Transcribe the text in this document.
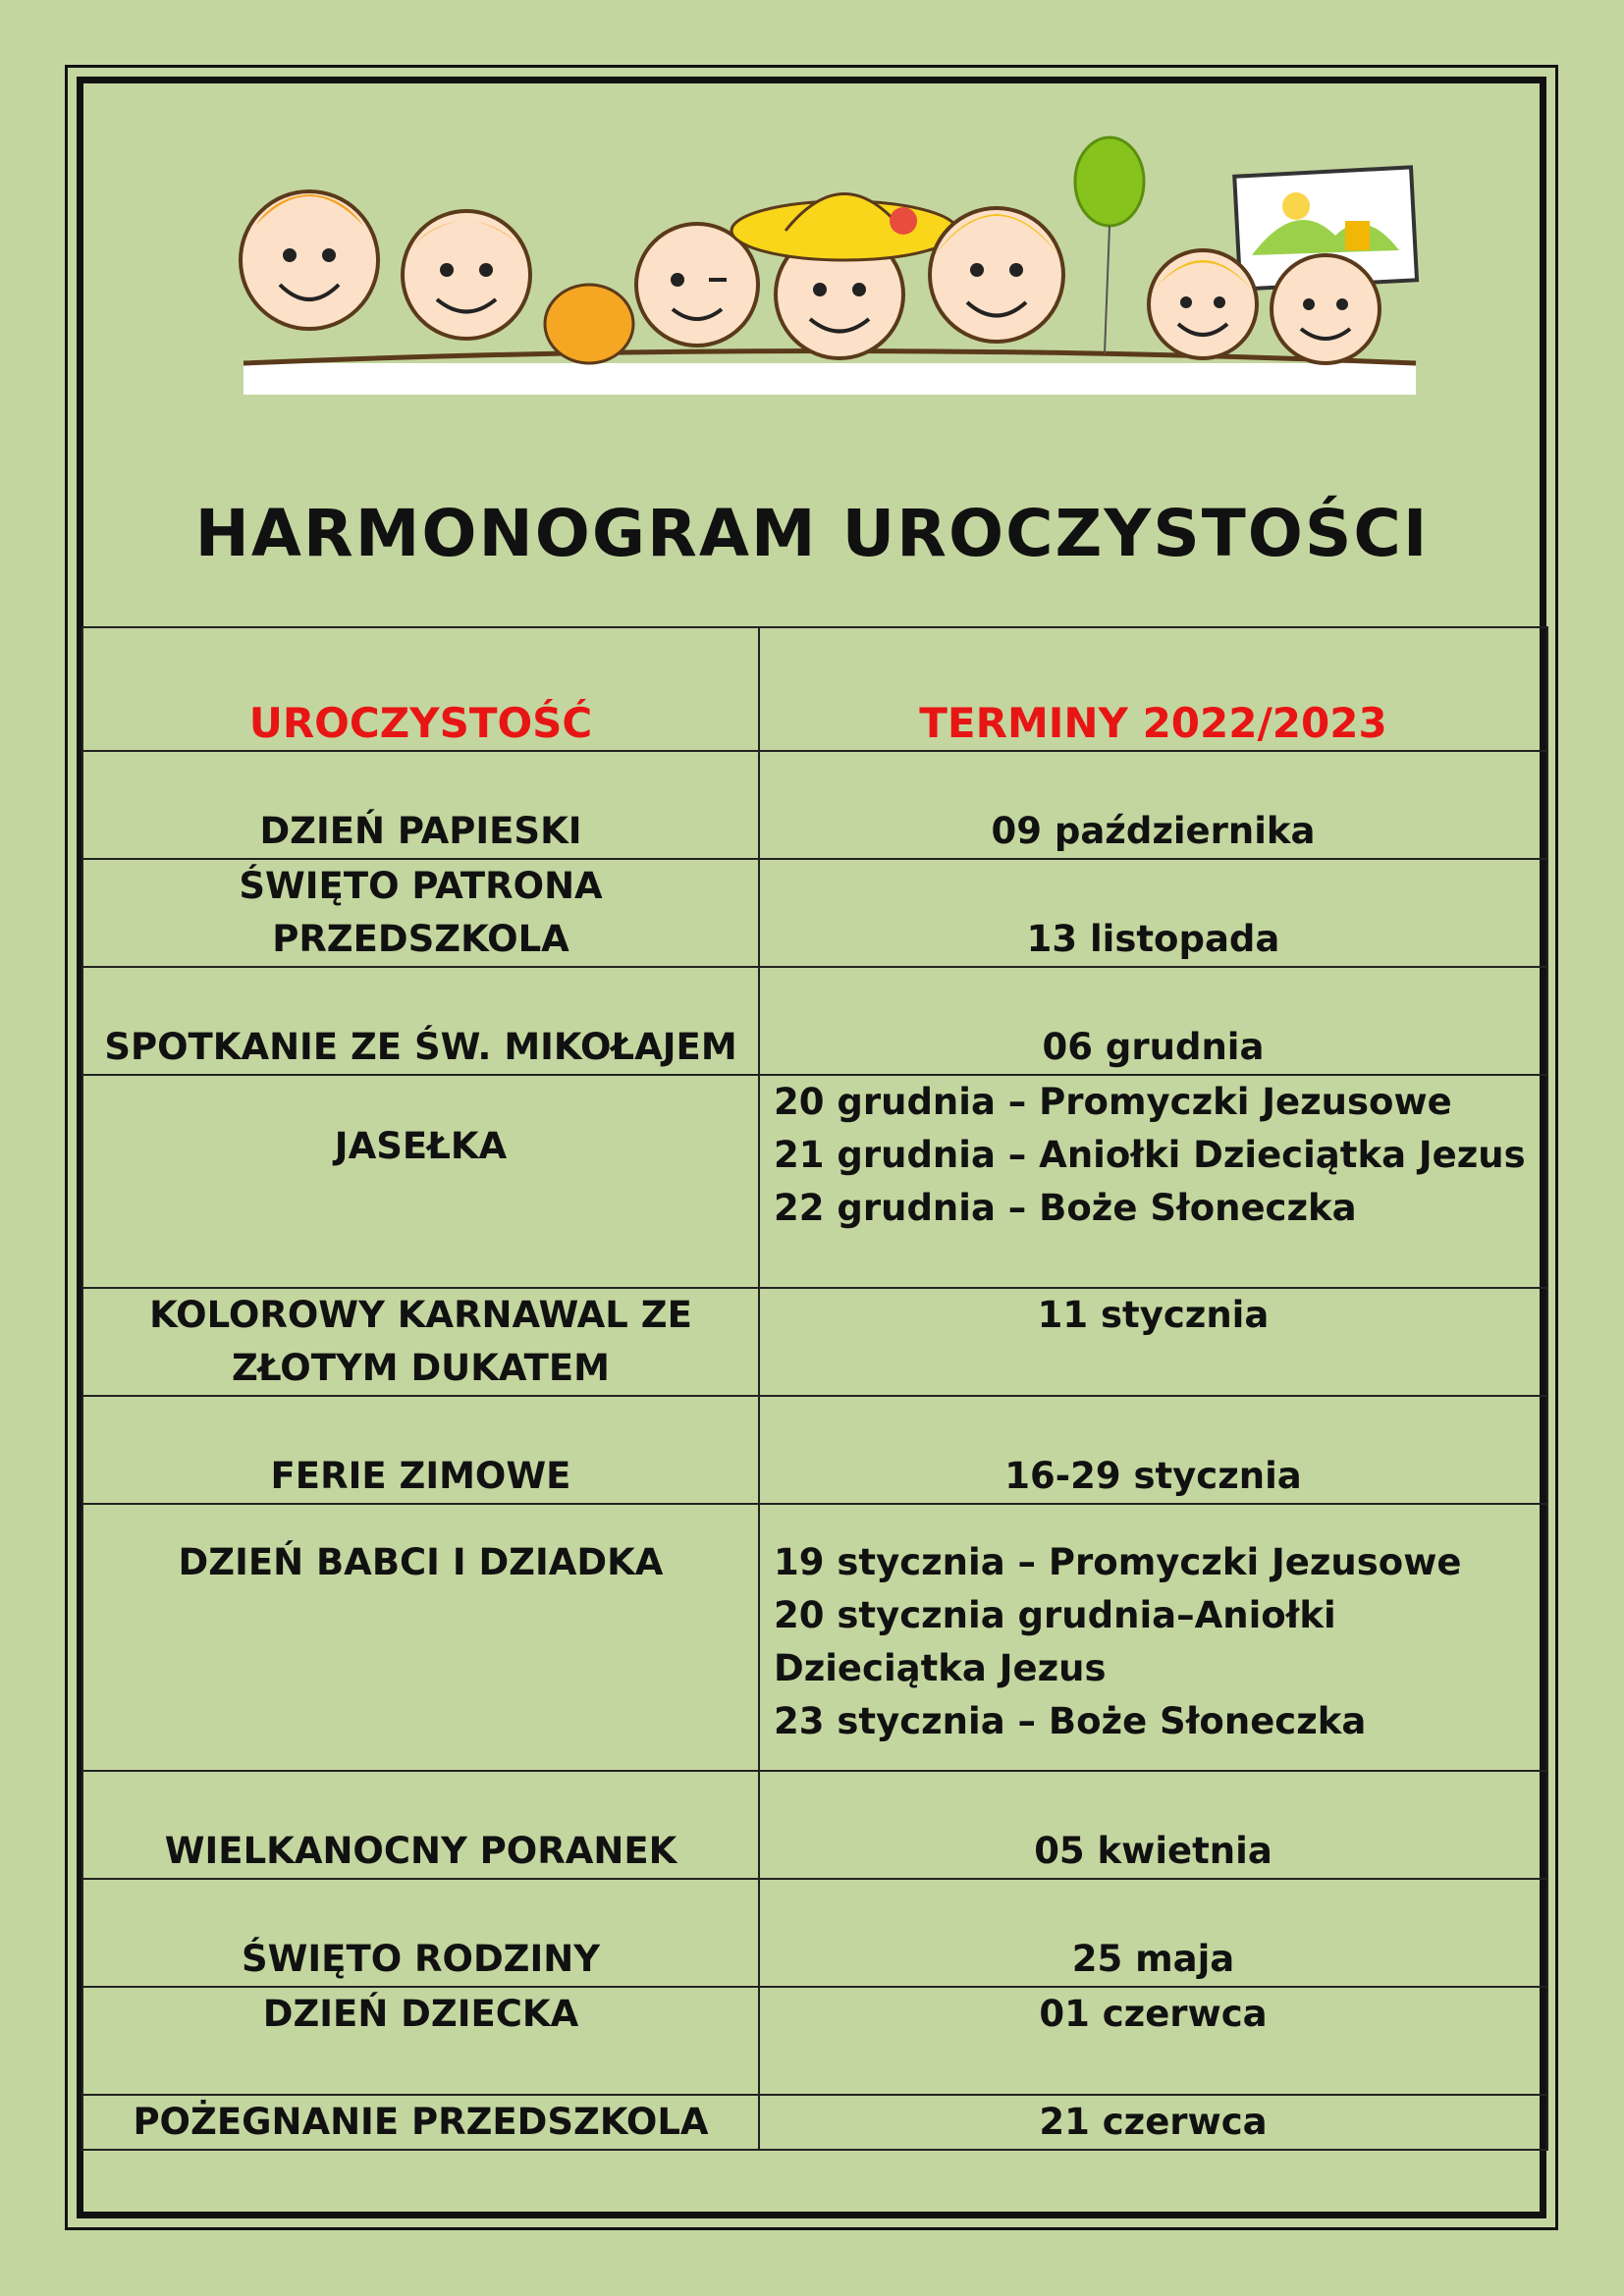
HARMONOGRAM UROCZYSTOŚCI
UROCZYSTOŚĆ	TERMINY 2022/2023
DZIEŃ PAPIESKI	09 października
ŚWIĘTO PATRONA PRZEDSZKOLA	13 listopada
SPOTKANIE ZE ŚW. MIKOŁAJEM	06 grudnia
JASEŁKA	20 grudnia – Promyczki Jezusowe
21 grudnia – Aniołki Dzieciątka Jezus
22 grudnia – Boże Słoneczka

KOLOROWY KARNAWAL ZE ZŁOTYM DUKATEM	11 stycznia
FERIE ZIMOWE	16-29 stycznia
DZIEŃ BABCI I DZIADKA	19 stycznia – Promyczki Jezusowe
20 stycznia grudnia–Aniołki Dzieciątka Jezus
23 stycznia – Boże Słoneczka

WIELKANOCNY PORANEK	05 kwietnia
ŚWIĘTO RODZINY	25 maja
DZIEŃ DZIECKA	01 czerwca
POŻEGNANIE PRZEDSZKOLA	21 czerwca
